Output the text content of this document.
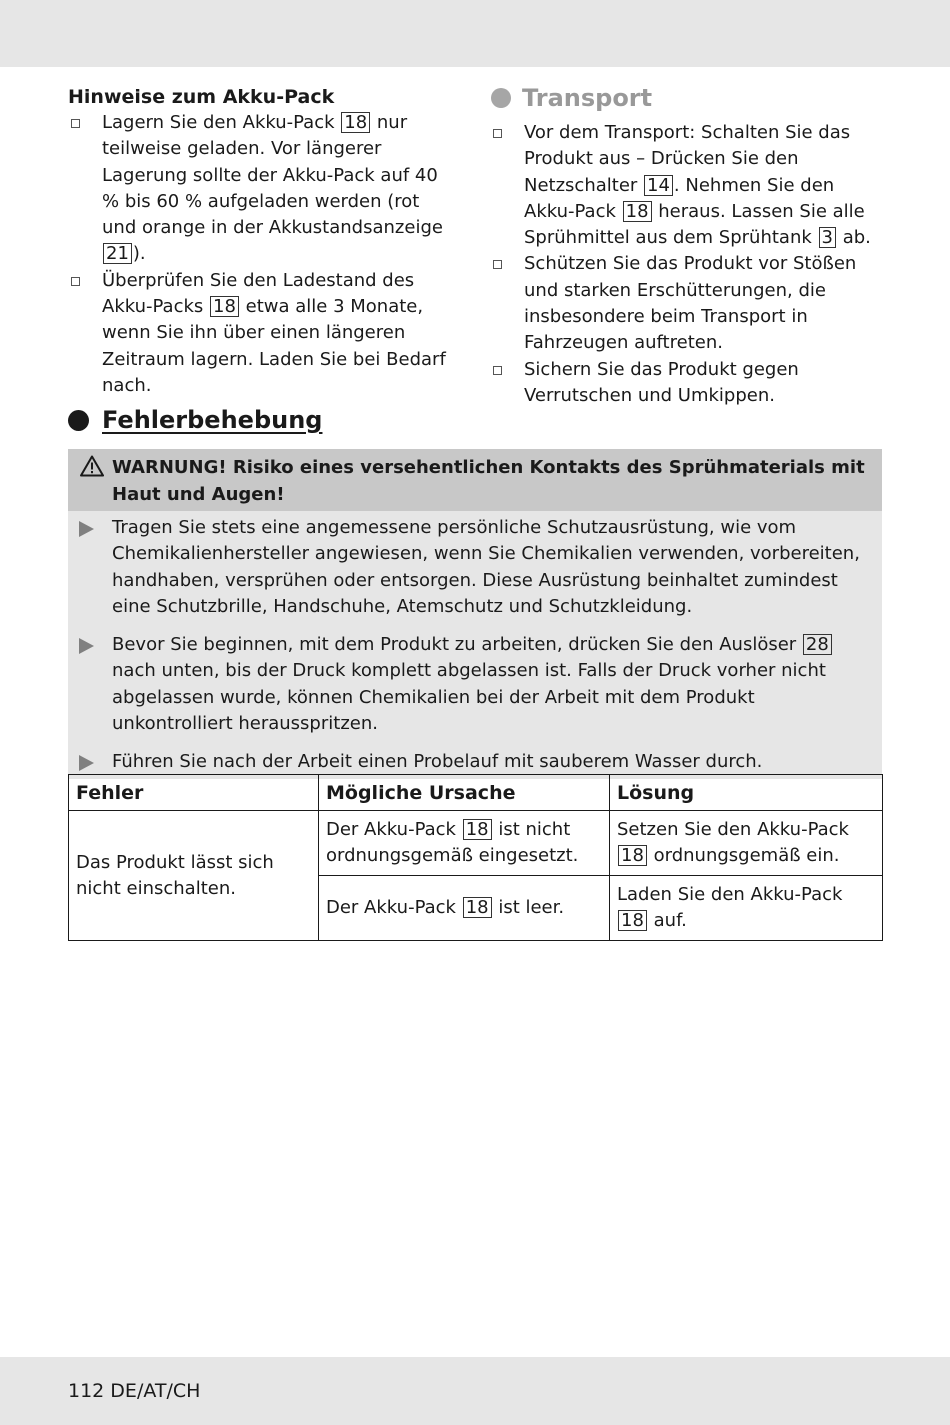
Hinweise zum Akku-Pack

Lagern Sie den Akku-Pack 18 nur teilweise geladen. Vor längerer Lagerung sollte der Akku-Pack auf 40 % bis 60 % aufgeladen werden (rot und orange in der Akkustandsanzeige 21 ).
Überprüfen Sie den Ladestand des Akku-Packs 18 etwa alle 3 Monate, wenn Sie ihn über einen längeren Zeitraum lagern. Laden Sie bei Bedarf nach.
Transport
Vor dem Transport: Schalten Sie das Produkt aus – Drücken Sie den Netzschalter 14 . Nehmen Sie den Akku-Pack 18 heraus. Lassen Sie alle Sprühmittel aus dem Sprühtank 3 ab.
Schützen Sie das Produkt vor Stößen und starken Erschütterungen, die insbesondere beim Transport in Fahrzeugen auftreten.
Sichern Sie das Produkt gegen Verrutschen und Umkippen.
Fehlerbehebung
WARNUNG! Risiko eines versehentlichen Kontakts des Sprühmaterials mit Haut und Augen!
Tragen Sie stets eine angemessene persönliche Schutzausrüstung, wie vom Chemikalienhersteller angewiesen, wenn Sie Chemikalien verwenden, vorbereiten, handhaben, versprühen oder entsorgen. Diese Ausrüstung beinhaltet zumindest eine Schutzbrille, Handschuhe, Atemschutz und Schutzkleidung.
Bevor Sie beginnen, mit dem Produkt zu arbeiten, drücken Sie den Auslöser 28 nach unten, bis der Druck komplett abgelassen ist. Falls der Druck vorher nicht abgelassen wurde, können Chemikalien bei der Arbeit mit dem Produkt unkontrolliert herausspritzen.
Führen Sie nach der Arbeit einen Probelauf mit sauberem Wasser durch.
Fehler	Mögliche Ursache	Lösung
Das Produkt lässt sich nicht einschalten.	Der Akku-Pack 18 ist nicht ordnungsgemäß eingesetzt.	Setzen Sie den Akku-Pack 18 ordnungsgemäß ein.
	Der Akku-Pack 18 ist leer.	Laden Sie den Akku-Pack 18 auf.
112 DE/AT/CH
